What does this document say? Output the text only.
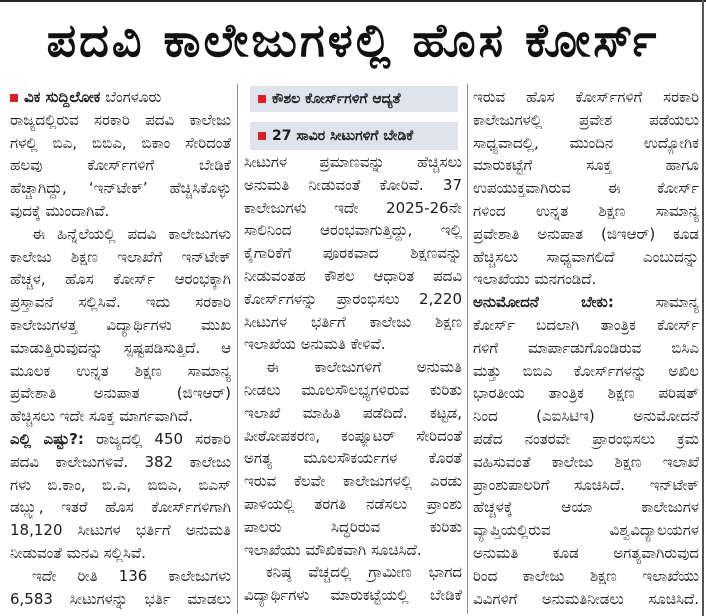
ಪದವಿ ಕಾಲೇಜುಗಳಲ್ಲಿ ಹೊಸ ಕೋರ್ಸ್
ವಿಕ ಸುದ್ದಿಲೋಕ ಬೆಂಗಳೂರು
ರಾಜ್ಯದಲ್ಲಿರುವ ಸರಕಾರಿ ಪದವಿ ಕಾಲೇಜು
ಗಳಲ್ಲಿ ಬಿಎ, ಬಿಬಿಎ, ಬಿಕಾಂ ಸೇರಿದಂತೆ
ಹಲವು ಕೋರ್ಸ್‌ಗಳಿಗೆ ಬೇಡಿಕೆ
ಹೆಚ್ಚಾಗಿದ್ದು, ‘ಇನ್‌ಟೇಕ್’ ಹೆಚ್ಚಿಸಿಕೊಳ್ಳು
ವುದಕ್ಕೆ ಮುಂದಾಗಿವೆ.
ಈ ಹಿನ್ನೆಲೆಯಲ್ಲಿ ಪದವಿ ಕಾಲೇಜುಗಳು
ಕಾಲೇಜು ಶಿಕ್ಷಣ ಇಲಾಖೆಗೆ ಇನ್‌ಟೇಕ್
ಹೆಚ್ಚಳ, ಹೊಸ ಕೋರ್ಸ್ ಆರಂಭಕ್ಕಾಗಿ
ಪ್ರಸ್ತಾವನೆ ಸಲ್ಲಿಸಿವೆ. ಇದು ಸರಕಾರಿ
ಕಾಲೇಜುಗಳತ್ತ ವಿದ್ಯಾರ್ಥಿಗಳು ಮುಖ
ಮಾಡುತ್ತಿರುವುದನ್ನು ಸ್ಪಷ್ಟಪಡಿಸುತ್ತಿದೆ. ಆ
ಮೂಲಕ ಉನ್ನತ ಶಿಕ್ಷಣ ಸಾಮಾನ್ಯ
ಪ್ರವೇಶಾತಿ ಅನುಪಾತ (ಜಿಇಆರ್)
ಹೆಚ್ಚಿಸಲು ಇದೇ ಸೂಕ್ತ ಮಾರ್ಗವಾಗಿದೆ.
ಎಲ್ಲಿ ಎಷ್ಟು?: ರಾಜ್ಯದಲ್ಲಿ 450 ಸರಕಾರಿ
ಪದವಿ ಕಾಲೇಜುಗಳಿವೆ. 382 ಕಾಲೇಜು
ಗಳು ಬಿ.ಕಾಂ, ಬಿ.ಎ, ಬಿಬಿಎ, ಬಿಎಸ್
ಡಬ್ಲ್ಯು, ಇತರೆ ಹೊಸ ಕೋರ್ಸ್‌ಗಳಿಗಾಗಿ
18,120 ಸೀಟುಗಳ ಭರ್ತಿಗೆ ಅನುಮತಿ
ನೀಡುವಂತೆ ಮನವಿ ಸಲ್ಲಿಸಿವೆ.
ಇದೇ ರೀತಿ 136 ಕಾಲೇಜುಗಳು
6,583 ಸೀಟುಗಳನ್ನು ಭರ್ತಿ ಮಾಡಲು
ಕೌಶಲ ಕೋರ್ಸ್‌ಗಳಿಗೆ ಆದ್ಯತೆ
27 ಸಾವಿರ ಸೀಟುಗಳಿಗೆ ಬೇಡಿಕೆ
ಸೀಟುಗಳ ಪ್ರಮಾಣವನ್ನು ಹೆಚ್ಚಿಸಲು
ಅನುಮತಿ ನೀಡುವಂತೆ ಕೋರಿವೆ. 37
ಕಾಲೇಜುಗಳು ಇದೇ 2025-26ನೇ
ಸಾಲಿನಿಂದ ಆರಂಭವಾಗುತ್ತಿದ್ದು, ಇಲ್ಲಿ
ಕೈಗಾರಿಕೆಗೆ ಪೂರಕವಾದ ಶಿಕ್ಷಣವನ್ನು
ನೀಡುವಂತಹ ಕೌಶಲ ಆಧಾರಿತ ಪದವಿ
ಕೋರ್ಸ್‌ಗಳನ್ನು ಪ್ರಾರಂಭಿಸಲು 2,220
ಸೀಟುಗಳ ಭರ್ತಿಗೆ ಕಾಲೇಜು ಶಿಕ್ಷಣ
ಇಲಾಖೆಯ ಅನುಮತಿ ಕೇಳಿವೆ.
ಈ ಕಾಲೇಜುಗಳಿಗೆ ಅನುಮತಿ
ನೀಡಲು ಮೂಲಸೌಲಭ್ಯಗಳಿರುವ ಕುರಿತು
ಇಲಾಖೆ ಮಾಹಿತಿ ಪಡೆದಿದೆ. ಕಟ್ಟಡ,
ಪೀಠೋಪಕರಣ, ಕಂಪ್ಯೂಟರ್ ಸೇರಿದಂತೆ
ಅಗತ್ಯ ಮೂಲಸೌಕರ್ಯಗಳ ಕೊರತೆ
ಇರುವ ಕೆಲವೇ ಕಾಲೇಜುಗಳಲ್ಲಿ ಎರಡು
ಪಾಳಿಯಲ್ಲಿ ತರಗತಿ ನಡೆಸಲು ಪ್ರಾಂಶು
ಪಾಲರು ಸಿದ್ಧರಿರುವ ಕುರಿತು
ಇಲಾಖೆಯು ಮೌಖಿಕವಾಗಿ ಸೂಚಿಸಿದೆ.
ಕನಿಷ್ಠ ವೆಚ್ಚದಲ್ಲಿ ಗ್ರಾಮೀಣ ಭಾಗದ
ವಿದ್ಯಾರ್ಥಿಗಳು ಮಾರುಕಟ್ಟೆಯಲ್ಲಿ ಬೇಡಿಕೆ
ಇರುವ ಹೊಸ ಕೋರ್ಸ್‌ಗಳಿಗೆ ಸರಕಾರಿ
ಕಾಲೇಜುಗಳಲ್ಲಿ ಪ್ರವೇಶ ಪಡೆಯಲು
ಸಾಧ್ಯವಾದಲ್ಲಿ, ಮುಂದಿನ ಉದ್ಯೋಗಿಕ
ಮಾರುಕಟ್ಟೆಗೆ ಸೂಕ್ತ ಹಾಗೂ
ಉಪಯುಕ್ತವಾಗಿರುವ ಈ ಕೋರ್ಸ್
ಗಳಿಂದ ಉನ್ನತ ಶಿಕ್ಷಣ ಸಾಮಾನ್ಯ
ಪ್ರವೇಶಾತಿ ಅನುಪಾತ (ಜಿಇಆರ್) ಕೂಡ
ಹೆಚ್ಚಿಸಲು ಸಾಧ್ಯವಾಗಲಿದೆ ಎಂಬುದನ್ನು
ಇಲಾಖೆಯು ಮನಗಂಡಿದೆ.
ಅನುಮೋದನೆ ಬೇಕು:	ಸಾಮಾನ್ಯ
ಕೋರ್ಸ್ ಬದಲಾಗಿ ತಾಂತ್ರಿಕ ಕೋರ್ಸ್
ಗಳಿಗೆ ಮಾರ್ಪಾಡುಗೊಂಡಿರುವ ಬಿಸಿಎ
ಮತ್ತು ಬಿಬಿಎ ಕೋರ್ಸ್‌ಗಳನ್ನು ಅಖಿಲ
ಭಾರತೀಯ ತಾಂತ್ರಿಕ ಶಿಕ್ಷಣ ಪರಿಷತ್
ನಿಂದ (ಎಐಸಿಟಿಇ) ಅನುಮೋದನೆ
ಪಡೆದ ನಂತರವೇ ಪ್ರಾರಂಭಿಸಲು ಕ್ರಮ
ವಹಿಸುವಂತೆ ಕಾಲೇಜು ಶಿಕ್ಷಣ ಇಲಾಖೆ
ಪ್ರಾಂಶುಪಾಲರಿಗೆ ಸೂಚಿಸಿದೆ. ಇನ್‌ಟೇಕ್
ಹೆಚ್ಚಳಕ್ಕೆ ಆಯಾ ಕಾಲೇಜುಗಳ
ವ್ಯಾಪ್ತಿಯಲ್ಲಿರುವ ವಿಶ್ವವಿದ್ಯಾಲಯಗಳ
ಅನುಮತಿ ಕೂಡ ಅಗತ್ಯವಾಗಿರುವುದ
ರಿಂದ ಕಾಲೇಜು ಶಿಕ್ಷಣ ಇಲಾಖೆಯು
ವಿವಿಗಳಿಗೆ ಅನುಮತಿನೀಡಲು ಸೂಚಿಸಿದೆ.
